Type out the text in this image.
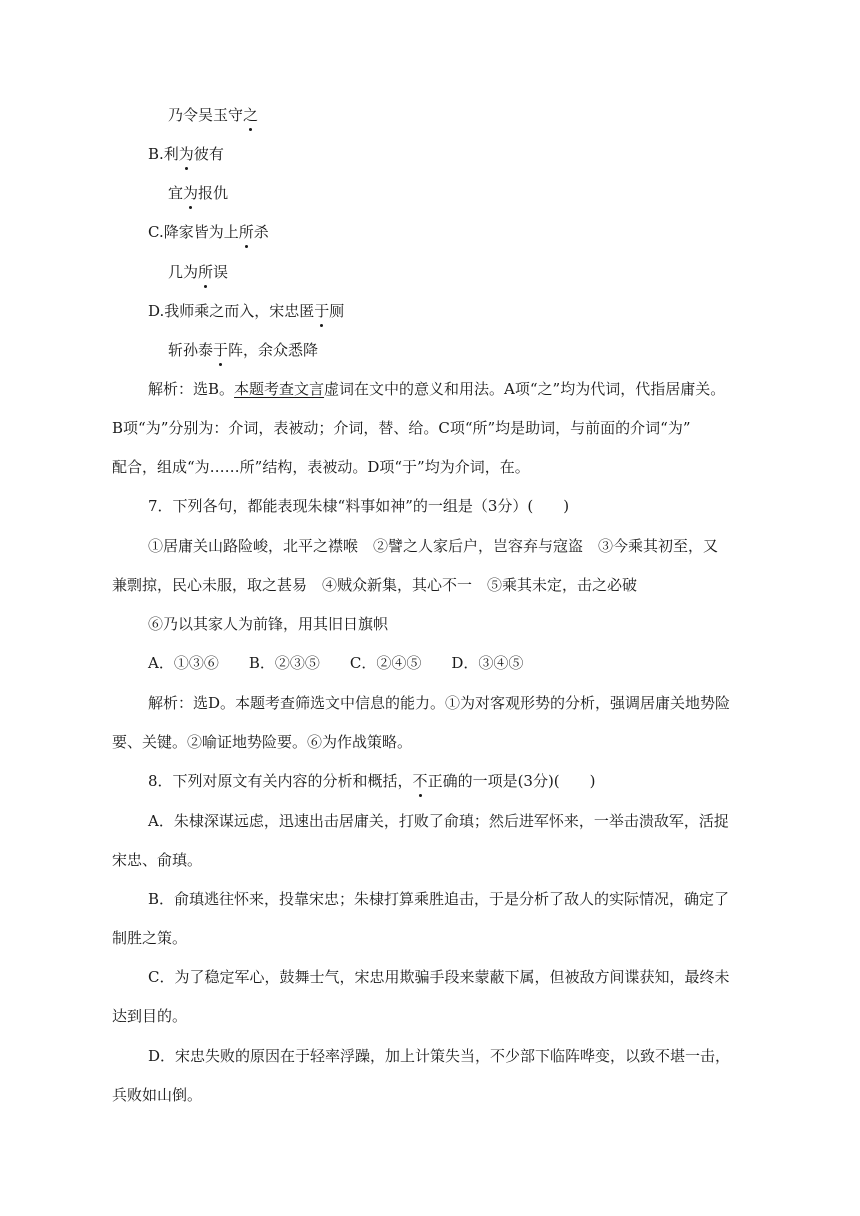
乃令吴玉守之
B.利为彼有
宜为报仇
C.降家皆为上所杀
几为所误
D.我师乘之而入，宋忠匿于厕
斩孙泰于阵，余众悉降
解析：选B。本题考查文言虚词在文中的意义和用法。A项“之”均为代词，代指居庸关。
B项“为”分别为：介词，表被动；介词，替、给。C项“所”均是助词，与前面的介词“为”
配合，组成“为……所”结构，表被动。D项“于”均为介词，在。
7．下列各句，都能表现朱棣“料事如神”的一组是（3分）(　　)
①居庸关山路险峻，北平之襟喉　②譬之人家后户，岂容弃与寇盗　③今乘其初至，又
兼剽掠，民心未服，取之甚易　④贼众新集，其心不一　⑤乘其未定，击之必破
⑥乃以其家人为前锋，用其旧日旗帜
A．①③⑥　　B．②③⑤　　C．②④⑤　　D．③④⑤
解析：选D。本题考查筛选文中信息的能力。①为对客观形势的分析，强调居庸关地势险
要、关键。②喻证地势险要。⑥为作战策略。
8．下列对原文有关内容的分析和概括，不正确的一项是(3分)(　　)
A．朱棣深谋远虑，迅速出击居庸关，打败了俞瑱；然后进军怀来，一举击溃敌军，活捉
宋忠、俞瑱。
B．俞瑱逃往怀来，投靠宋忠；朱棣打算乘胜追击，于是分析了敌人的实际情况，确定了
制胜之策。
C．为了稳定军心，鼓舞士气，宋忠用欺骗手段来蒙蔽下属，但被敌方间谍获知，最终未
达到目的。
D．宋忠失败的原因在于轻率浮躁，加上计策失当，不少部下临阵哗变，以致不堪一击，
兵败如山倒。
